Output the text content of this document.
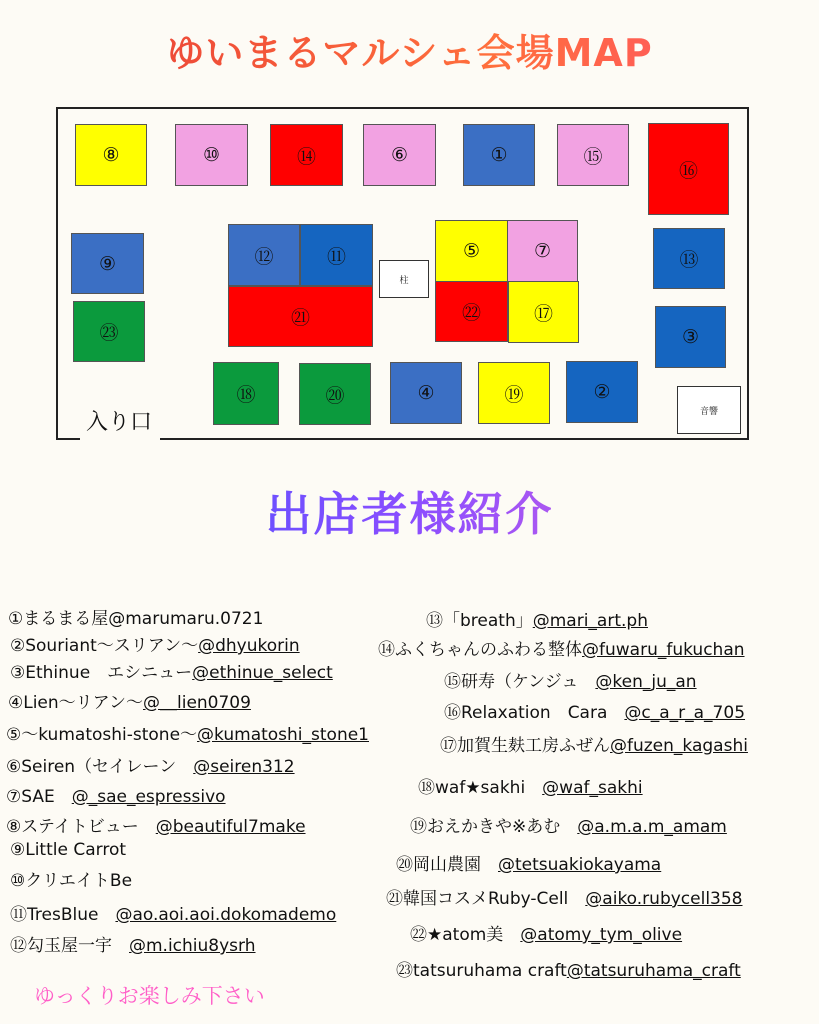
ゆいまるマルシェ会場MAP
⑧	⑩	⑭	⑥	①	⑮
⑯
⑨
㉓
⑫	⑪
㉑
柱
⑤	⑦
㉒	⑰
⑬
③
⑱	⑳	④	⑲	②
音響
入り口
出店者様紹介
①まるまる屋@marumaru.0721
②Souriant〜スリアン〜@dhyukorin
③Ethinue　エシニュー@ethinue_select
④Lien〜リアン〜@＿lien0709
⑤〜kumatoshi-stone〜@kumatoshi_stone1
⑥Seiren（セイレーン　@seiren312
⑦SAE　@_sae_espressivo
⑧ステイトビュー　@beautiful7make
⑨Little Carrot
⑩クリエイトBe
⑪TresBlue　@ao.aoi.aoi.dokomademo
⑫勾玉屋一宇　@m.ichiu8ysrh
⑬「breath」@mari_art.ph
⑭ふくちゃんのふわる整体@fuwaru_fukuchan
⑮研寿（ケンジュ　@ken_ju_an
⑯Relaxation　Cara　@c_a_r_a_705
⑰加賀生麸工房ふぜん@fuzen_kagashi
⑱waf★sakhi　@waf_sakhi
⑲おえかきや※あむ　@a.m.a.m_amam
⑳岡山農園　@tetsuakiokayama
㉑韓国コスメRuby-Cell　@aiko.rubycell358
㉒★atom美　@atomy_tym_olive
㉓tatsuruhama craft@tatsuruhama_craft
ゆっくりお楽しみ下さい
